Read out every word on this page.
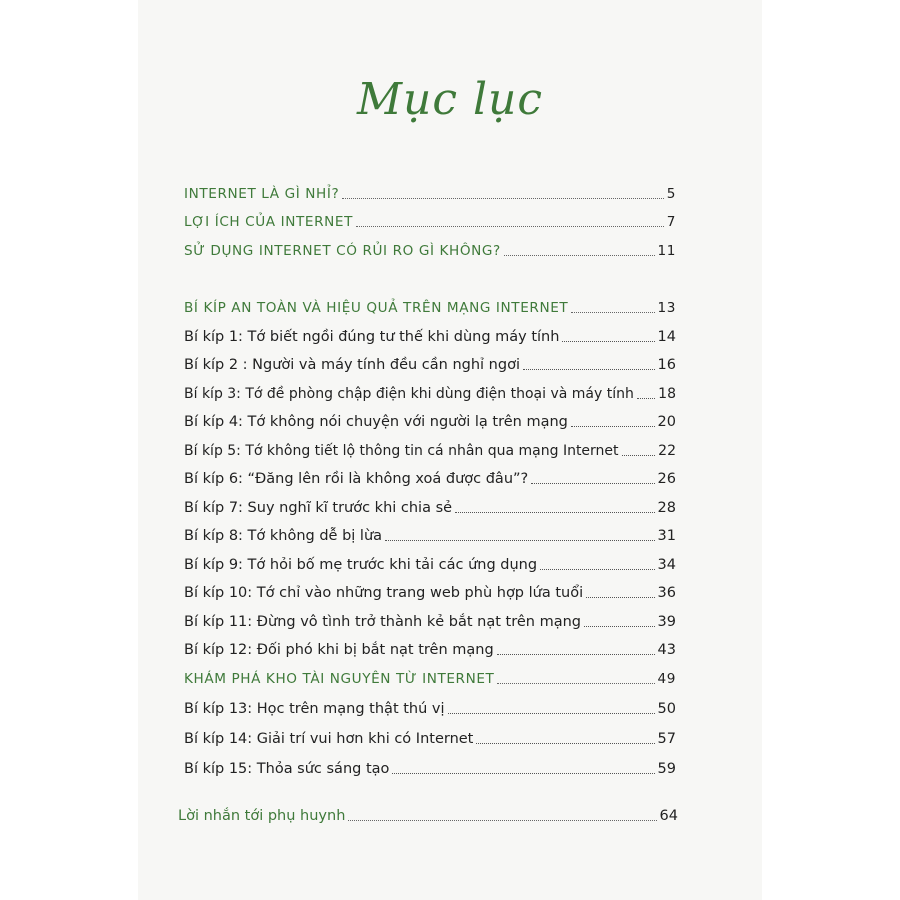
Mục lục
INTERNET LÀ GÌ NHỈ?	5
LỢI ÍCH CỦA INTERNET	7
SỬ DỤNG INTERNET CÓ RỦI RO GÌ KHÔNG?	11
BÍ KÍP AN TOÀN VÀ HIỆU QUẢ TRÊN MẠNG INTERNET	13
Bí kíp 1: Tớ biết ngồi đúng tư thế khi dùng máy tính	14
Bí kíp 2 : Người và máy tính đều cần nghỉ ngơi	16
Bí kíp 3: Tớ đề phòng chập điện khi dùng điện thoại và máy tính 18
Bí kíp 4: Tớ không nói chuyện với người lạ trên mạng	20
Bí kíp 5: Tớ không tiết lộ thông tin cá nhân qua mạng Internet	22
Bí kíp 6: “Đăng lên rồi là không xoá được đâu”?	26
Bí kíp 7: Suy nghĩ kĩ trước khi chia sẻ	28
Bí kíp 8: Tớ không dễ bị lừa	31
Bí kíp 9: Tớ hỏi bố mẹ trước khi tải các ứng dụng	34
Bí kíp 10: Tớ chỉ vào những trang web phù hợp lứa tuổi	36
Bí kíp 11: Đừng vô tình trở thành kẻ bắt nạt trên mạng	39
Bí kíp 12: Đối phó khi bị bắt nạt trên mạng	43
KHÁM PHÁ KHO TÀI NGUYÊN TỪ INTERNET	49
Bí kíp 13: Học trên mạng thật thú vị	50
Bí kíp 14: Giải trí vui hơn khi có Internet	57
Bí kíp 15: Thỏa sức sáng tạo	59
Lời nhắn tới phụ huynh	64
